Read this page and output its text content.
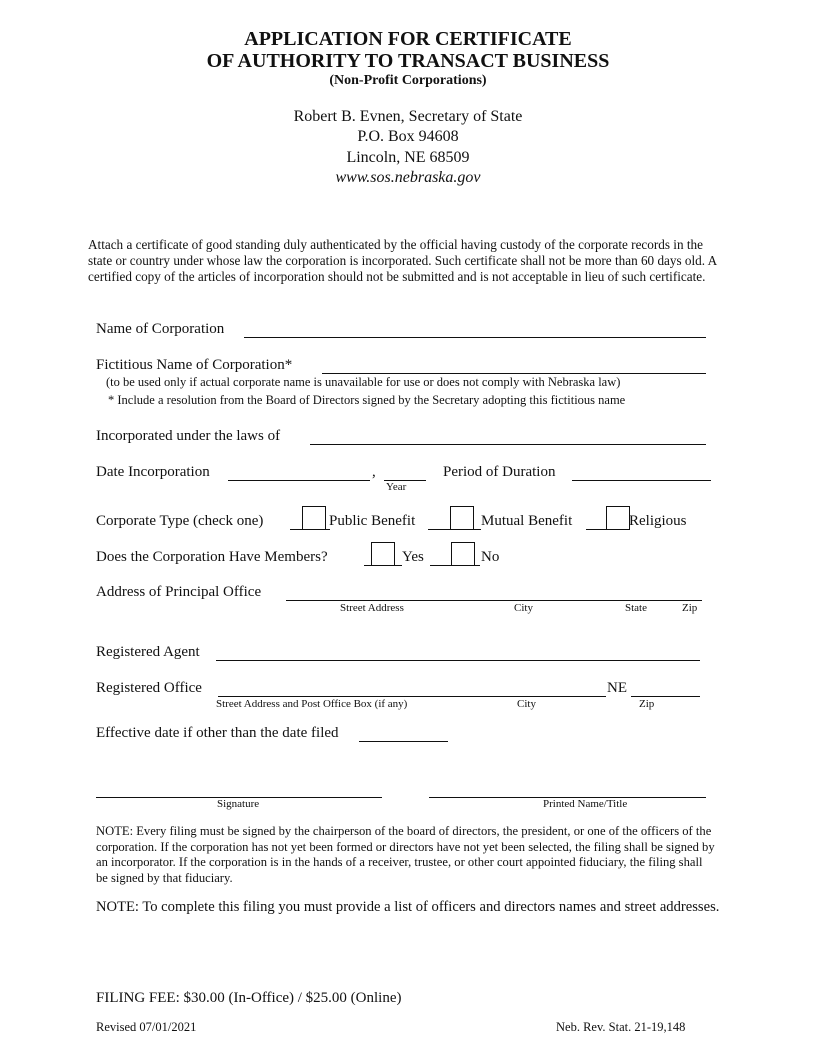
APPLICATION FOR CERTIFICATE
OF AUTHORITY TO TRANSACT BUSINESS
(Non-Profit Corporations)
Robert B. Evnen, Secretary of State
P.O. Box 94608
Lincoln, NE 68509
www.sos.nebraska.gov
Attach a certificate of good standing duly authenticated by the official having custody of the corporate records in the state or country under whose law the corporation is incorporated. Such certificate shall not be more than 60 days old. A certified copy of the articles of incorporation should not be submitted and is not acceptable in lieu of such certificate.
Name of Corporation
Fictitious Name of Corporation*
(to be used only if actual corporate name is unavailable for use or does not comply with Nebraska law)
* Include a resolution from the Board of Directors signed by the Secretary adopting this fictitious name
Incorporated under the laws of
Date Incorporation	,
Year
Period of Duration
Corporate Type (check one)	Public Benefit	Mutual Benefit	Religious
Does the Corporation Have Members?	Yes	No
Address of Principal Office
Street Address	City	State	Zip
Registered Agent
Registered Office	NE
Street Address and Post Office Box (if any)	City	Zip
Effective date if other than the date filed
Signature	Printed Name/Title
NOTE: Every filing must be signed by the chairperson of the board of directors, the president, or one of the officers of the corporation. If the corporation has not yet been formed or directors have not yet been selected, the filing shall be signed by an incorporator. If the corporation is in the hands of a receiver, trustee, or other court appointed fiduciary, the filing shall be signed by that fiduciary.
NOTE: To complete this filing you must provide a list of officers and directors names and street addresses.
FILING FEE: $30.00 (In-Office) / $25.00 (Online)
Revised 07/01/2021	Neb. Rev. Stat. 21-19,148
